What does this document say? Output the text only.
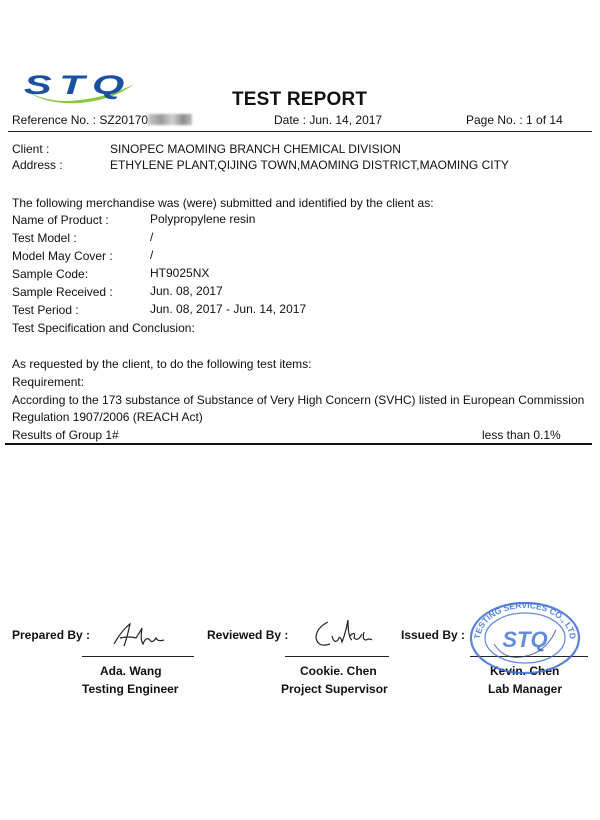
STQ	TEST REPORT
Reference No. : SZ20170	Date : Jun. 14, 2017	Page No. : 1 of 14
Client :	SINOPEC MAOMING BRANCH CHEMICAL DIVISION
Address :	ETHYLENE PLANT,QIJING TOWN,MAOMING DISTRICT,MAOMING CITY
The following merchandise was (were) submitted and identified by the client as:
Name of Product :	Polypropylene resin
Test Model :	/
Model May Cover :	/
Sample Code:	HT9025NX
Sample Received :	Jun. 08, 2017
Test Period :	Jun. 08, 2017 - Jun. 14, 2017
Test Specification and Conclusion:
As requested by the client, to do the following test items:
Requirement:
According to the 173 substance of Substance of Very High Concern (SVHC) listed in European Commission
Regulation 1907/2006 (REACH Act)
Results of Group 1#	less than 0.1%
Prepared By :
Ada. Wang
Testing Engineer
Reviewed By :
Cookie. Chen
Project Supervisor
Issued By :
Kevin. Chen
Lab Manager
TESTING SERVICES CO., LTD
STQ
